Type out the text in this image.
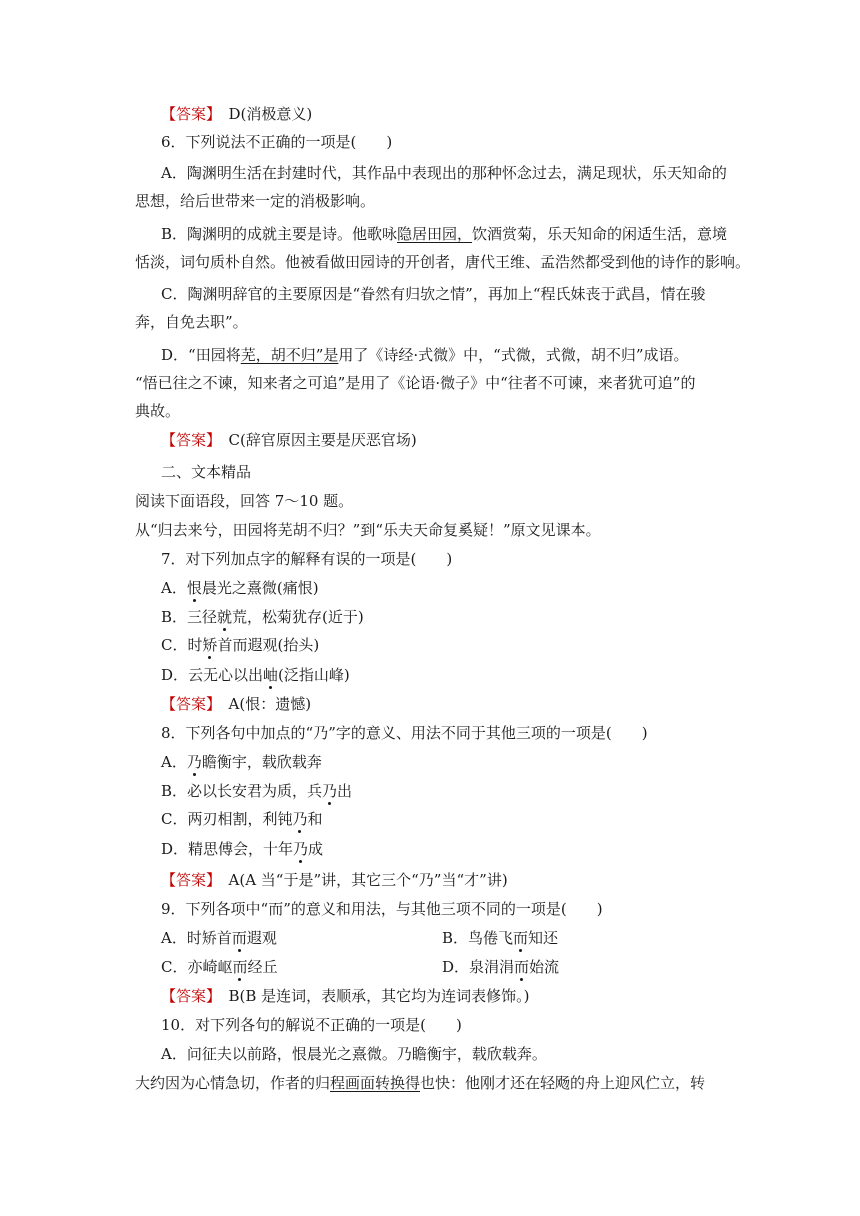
【答案】　D(消极意义)
6．下列说法不正确的一项是(　　)
A．陶渊明生活在封建时代，其作品中表现出的那种怀念过去，满足现状，乐天知命的
思想，给后世带来一定的消极影响。
B．陶渊明的成就主要是诗。他歌咏隐居田园，饮酒赏菊，乐天知命的闲适生活，意境
恬淡，词句质朴自然。他被看做田园诗的开创者，唐代王维、孟浩然都受到他的诗作的影响。
C．陶渊明辞官的主要原因是“眷然有归欤之情”，再加上“程氏妹丧于武昌，情在骏
奔，自免去职”。
D．“田园将芜，胡不归”是用了《诗经·式微》中，“式微，式微，胡不归”成语。
“悟已往之不谏，知来者之可追”是用了《论语·微子》中“往者不可谏，来者犹可追”的
典故。
【答案】　C(辞官原因主要是厌恶官场)
二、文本精品
阅读下面语段，回答 7～10 题。
从“归去来兮，田园将芜胡不归？”到“乐夫天命复奚疑！”原文见课本。
7．对下列加点字的解释有误的一项是(　　)
A．恨晨光之熹微(痛恨)
B．三径就荒，松菊犹存(近于)
C．时矫首而遐观(抬头)
D．云无心以出岫(泛指山峰)
【答案】　A(恨：遗憾)
8．下列各句中加点的“乃”字的意义、用法不同于其他三项的一项是(　　)
A．乃瞻衡宇，载欣载奔
B．必以长安君为质，兵乃出
C．两刃相割，利钝乃和
D．精思傅会，十年乃成
【答案】　A(A 当“于是”讲，其它三个“乃”当“才”讲)
9．下列各项中“而”的意义和用法，与其他三项不同的一项是(　　)
A．时矫首而遐观	B．鸟倦飞而知还
C．亦崎岖而经丘	D．泉涓涓而始流
【答案】　B(B 是连词，表顺承，其它均为连词表修饰。)
10．对下列各句的解说不正确的一项是(　　)
A．问征夫以前路，恨晨光之熹微。乃瞻衡宇，载欣载奔。
大约因为心情急切，作者的归程画面转换得也快：他刚才还在轻飏的舟上迎风伫立，转
